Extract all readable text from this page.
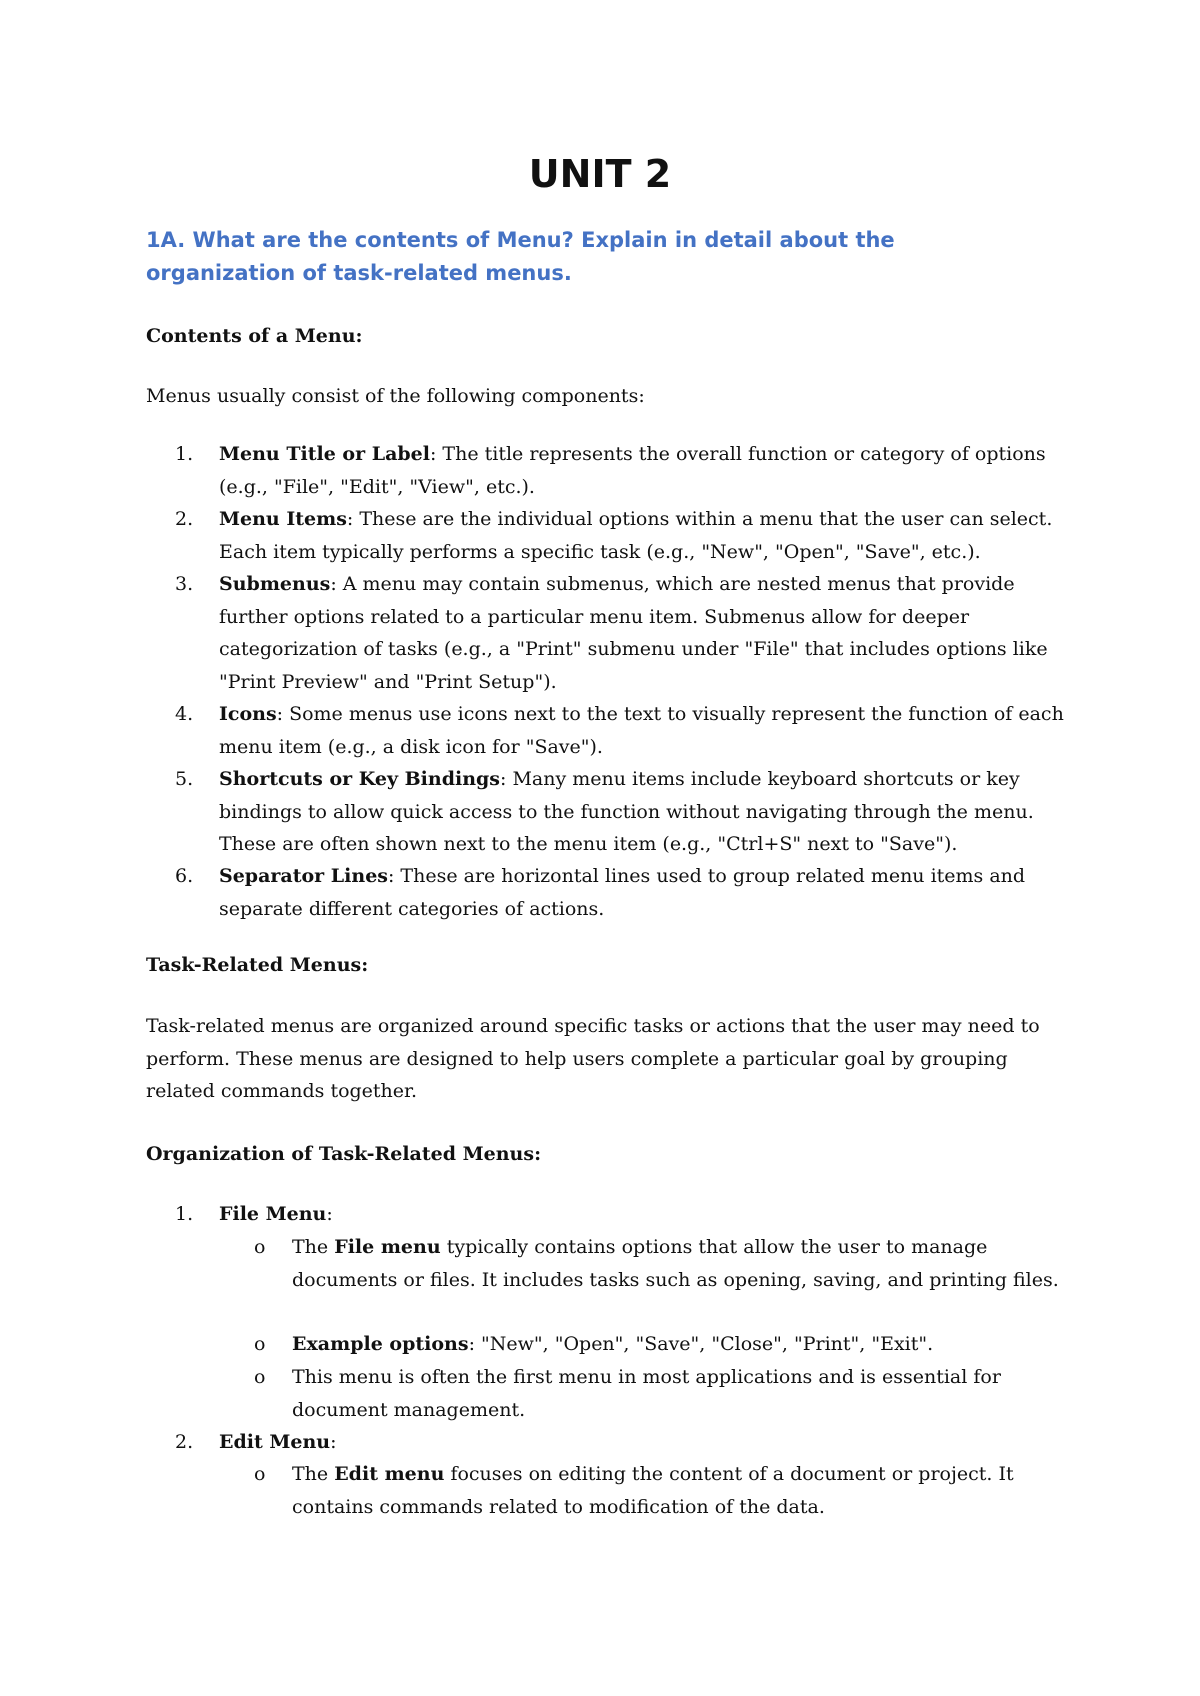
UNIT 2

1A. What are the contents of Menu? Explain in detail about the organization of task-related menus.

Contents of a Menu:

Menus usually consist of the following components:

1. Menu Title or Label: The title represents the overall function or category of options (e.g., "File", "Edit", "View", etc.).
2. Menu Items: These are the individual options within a menu that the user can select. Each item typically performs a specific task (e.g., "New", "Open", "Save", etc.).
3. Submenus: A menu may contain submenus, which are nested menus that provide further options related to a particular menu item. Submenus allow for deeper categorization of tasks (e.g., a "Print" submenu under "File" that includes options like "Print Preview" and "Print Setup").
4. Icons: Some menus use icons next to the text to visually represent the function of each menu item (e.g., a disk icon for "Save").
5. Shortcuts or Key Bindings: Many menu items include keyboard shortcuts or key bindings to allow quick access to the function without navigating through the menu. These are often shown next to the menu item (e.g., "Ctrl+S" next to "Save").
6. Separator Lines: These are horizontal lines used to group related menu items and separate different categories of actions.

Task-Related Menus:

Task-related menus are organized around specific tasks or actions that the user may need to perform. These menus are designed to help users complete a particular goal by grouping related commands together.

Organization of Task-Related Menus:

1. File Menu:
o The File menu typically contains options that allow the user to manage documents or files. It includes tasks such as opening, saving, and printing files.
o Example options: "New", "Open", "Save", "Close", "Print", "Exit".
o This menu is often the first menu in most applications and is essential for document management.
2. Edit Menu:
o The Edit menu focuses on editing the content of a document or project. It contains commands related to modification of the data.
